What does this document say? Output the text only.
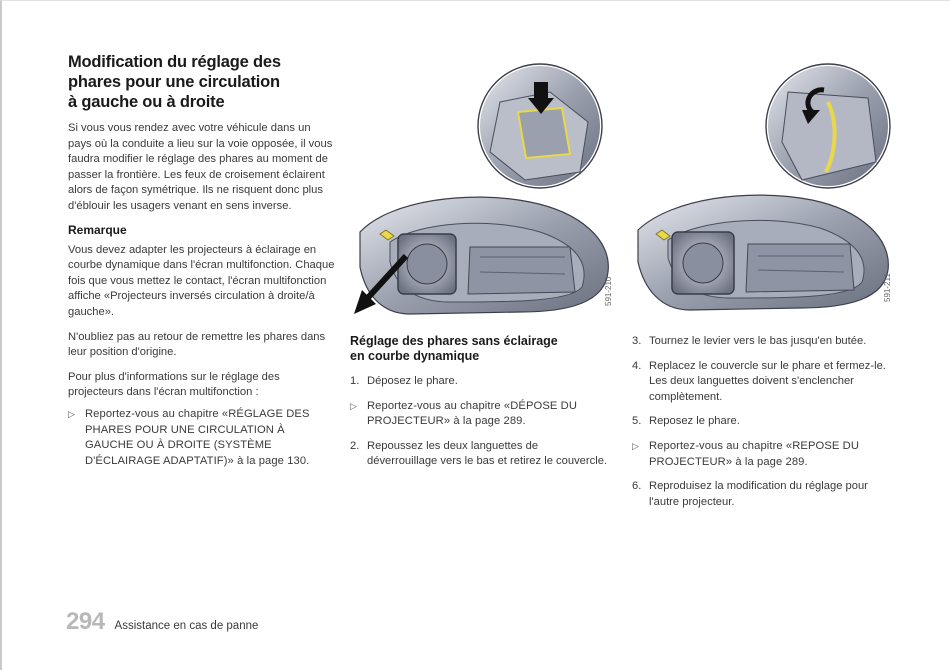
Modification du réglage des
phares pour une circulation
à gauche ou à droite

Si vous vous rendez avec votre véhicule dans un pays où la conduite a lieu sur la voie opposée, il vous faudra modifier le réglage des phares au moment de passer la frontière. Les feux de croisement éclairent alors de façon symétrique. Ils ne risquent donc plus d'éblouir les usagers venant en sens inverse.

Remarque

Vous devez adapter les projecteurs à éclairage en courbe dynamique dans l'écran multifonction. Chaque fois que vous mettez le contact, l'écran multifonction affiche «Projecteurs inversés circulation à droite/à gauche».

N'oubliez pas au retour de remettre les phares dans leur position d'origine.

Pour plus d'informations sur le réglage des projecteurs dans l'écran multifonction :

▷ Reportez-vous au chapitre «RÉGLAGE DES PHARES POUR UNE CIRCULATION À GAUCHE OU À DROITE (SYSTÈME D'ÉCLAIRAGE ADAPTATIF)» à la page 130.
591-210	591-211
Réglage des phares sans éclairage
en courbe dynamique
1. Déposez le phare.
▷ Reportez-vous au chapitre «DÉPOSE DU PROJECTEUR» à la page 289.
2. Repoussez les deux languettes de déverrouillage vers le bas et retirez le couvercle.
3. Tournez le levier vers le bas jusqu'en butée.
4. Replacez le couvercle sur le phare et fermez-le.
Les deux languettes doivent s'enclencher complètement.
5. Reposez le phare.
▷ Reportez-vous au chapitre «REPOSE DU PROJECTEUR» à la page 289.
6. Reproduisez la modification du réglage pour l'autre projecteur.
294 Assistance en cas de panne
